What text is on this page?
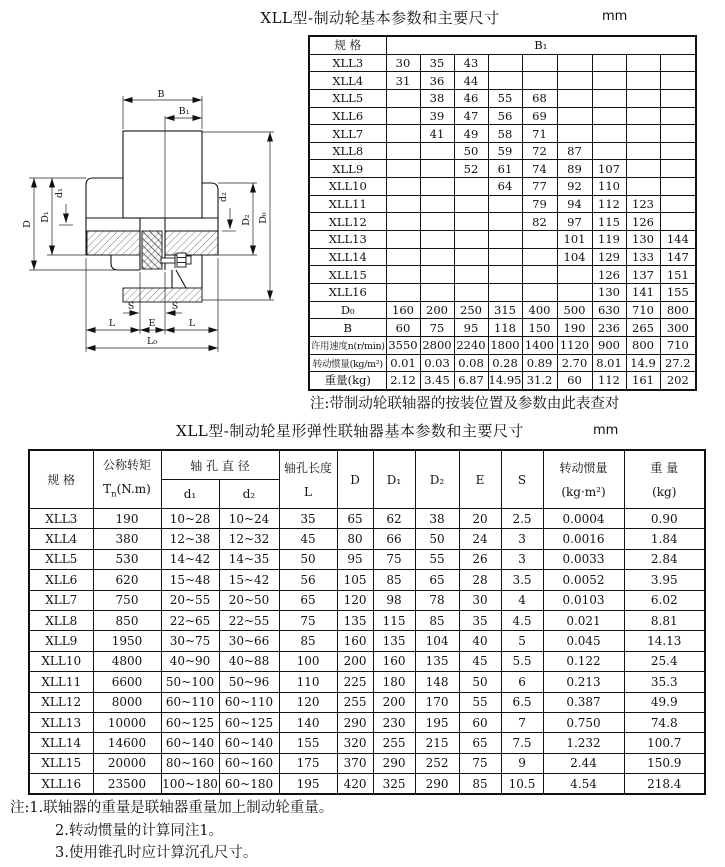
XLL型-制动轮基本参数和主要尺寸	mm
B
B₁
D
D₁
d₁	d₂
D₂ D₀
S	S
L	E	L
L₀
规 格	B₁								
XLL3	30	35	43						
XLL4	31	36	44						
XLL5		38	46	55	68				
XLL6		39	47	56	69				
XLL7		41	49	58	71				
XLL8			50	59	72	87			
XLL9			52	61	74	89	107		
XLL10				64	77	92	110		
XLL11					79	94	112	123	
XLL12					82	97	115	126	
XLL13						101	119	130	144
XLL14						104	129	133	147
XLL15							126	137	151
XLL16							130	141	155
D₀	160	200	250	315	400	500	630	710	800
B	60	75	95	118	150	190	236	265	300
许用速度n(r/min)	3550	2800	2240	1800	1400	1120	900	800	710
转动惯量(kg/m²)	0.01	0.03	0.08	0.28	0.89	2.70	8.01	14.9	27.2
重量(kg)	2.12	3.45	6.87	14.95	31.2	60	112	161	202
注:带制动轮联轴器的按装位置及参数由此表查对
XLL型-制动轮星形弹性联轴器基本参数和主要尺寸	mm
规 格	
公称转矩
$T_n(N.m)$
	轴 孔 直 径	轴孔长度
L
	D	D₁	D₂	E	S	
转动惯量
(kg·m²)

重 量
(kg)

		d₁	d₂								
XLL3	190	10~28	10~24	35	65	62	38	20	2.5	0.0004	0.90
XLL4	380	12~38	12~32	45	80	66	50	24	3	0.0016	1.84
XLL5	530	14~42	14~35	50	95	75	55	26	3	0.0033	2.84
XLL6	620	15~48	15~42	56	105	85	65	28	3.5	0.0052	3.95
XLL7	750	20~55	20~50	65	120	98	78	30	4	0.0103	6.02
XLL8	850	22~65	22~55	75	135	115	85	35	4.5	0.021	8.81
XLL9	1950	30~75	30~66	85	160	135	104	40	5	0.045	14.13
XLL10	4800	40~90	40~88	100	200	160	135	45	5.5	0.122	25.4
XLL11	6600	50~100	50~96	110	225	180	148	50	6	0.213	35.3
XLL12	8000	60~110	60~110	120	255	200	170	55	6.5	0.387	49.9
XLL13	10000	60~125	60~125	140	290	230	195	60	7	0.750	74.8
XLL14	14600	60~140	60~140	155	320	255	215	65	7.5	1.232	100.7
XLL15	20000	80~160	60~160	175	370	290	252	75	9	2.44	150.9
XLL16	23500	100~180	60~180	195	420	325	290	85	10.5	4.54	218.4
注:1.联轴器的重量是联轴器重量加上制动轮重量。
2.转动惯量的计算同注1。
3.使用锥孔时应计算沉孔尺寸。
